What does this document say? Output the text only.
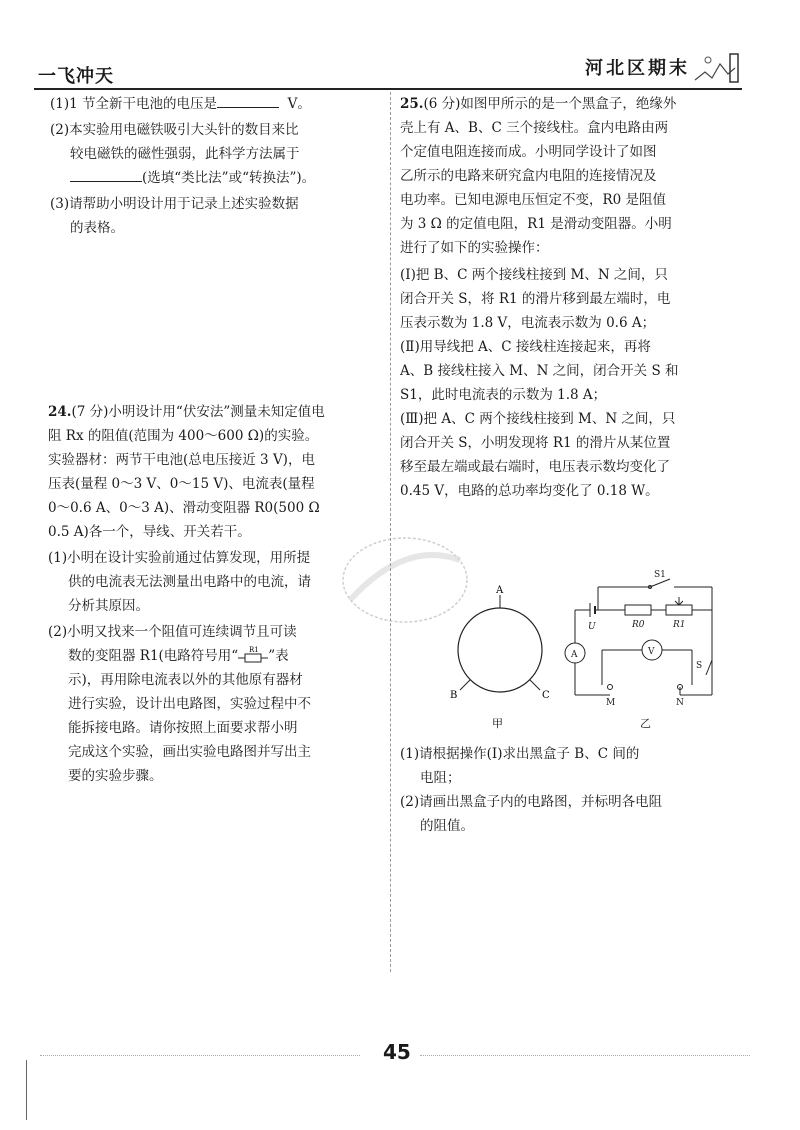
一飞冲天	河北区期末

(1)1 节全新干电池的电压是	V。

(2)本实验用电磁铁吸引大头针的数目来比
较电磁铁的磁性强弱，此科学方法属于
(选填“类比法”或“转换法”)。

(3)请帮助小明设计用于记录上述实验数据
的表格。

24.(7 分)小明设计用“伏安法”测量未知定值电
阻 Rx 的阻值(范围为 400～600 Ω)的实验。
实验器材：两节干电池(总电压接近 3 V)，电
压表(量程 0～3 V、0～15 V)、电流表(量程
0～0.6 A、0～3 A)、滑动变阻器 R0(500 Ω
0.5 A)各一个，导线、开关若干。

(1)小明在设计实验前通过估算发现，用所提
供的电流表无法测量出电路中的电流，请
分析其原因。

(2)小明又找来一个阻值可连续调节且可读
数的变阻器 R1(电路符号用“ R1 ”表
示)，再用除电流表以外的其他原有器材
进行实验，设计出电路图，实验过程中不
能拆接电路。请你按照上面要求帮小明
完成这个实验，画出实验电路图并写出主
要的实验步骤。

25.(6 分)如图甲所示的是一个黑盒子，绝缘外
壳上有 A、B、C 三个接线柱。盒内电路由两
个定值电阻连接而成。小明同学设计了如图
乙所示的电路来研究盒内电阻的连接情况及
电功率。已知电源电压恒定不变，R0 是阻值
为 3 Ω 的定值电阻，R1 是滑动变阻器。小明
进行了如下的实验操作：

(Ⅰ)把 B、C 两个接线柱接到 M、N 之间，只
闭合开关 S，将 R1 的滑片移到最左端时，电
压表示数为 1.8 V，电流表示数为 0.6 A；
(Ⅱ)用导线把 A、C 接线柱连接起来，再将
A、B 接线柱接入 M、N 之间，闭合开关 S 和
S1，此时电流表的示数为 1.8 A；
(Ⅲ)把 A、C 两个接线柱接到 M、N 之间，只
闭合开关 S，小明发现将 R1 的滑片从某位置
移至最左端或最右端时，电压表示数均变化了
0.45 V，电路的总功率均变化了 0.18 W。

A
B	C
甲
S1
U	R0	R1
A	V
S
M	N
乙

(1)请根据操作(Ⅰ)求出黑盒子 B、C 间的
电阻；

(2)请画出黑盒子内的电路图，并标明各电阻
的阻值。

45
